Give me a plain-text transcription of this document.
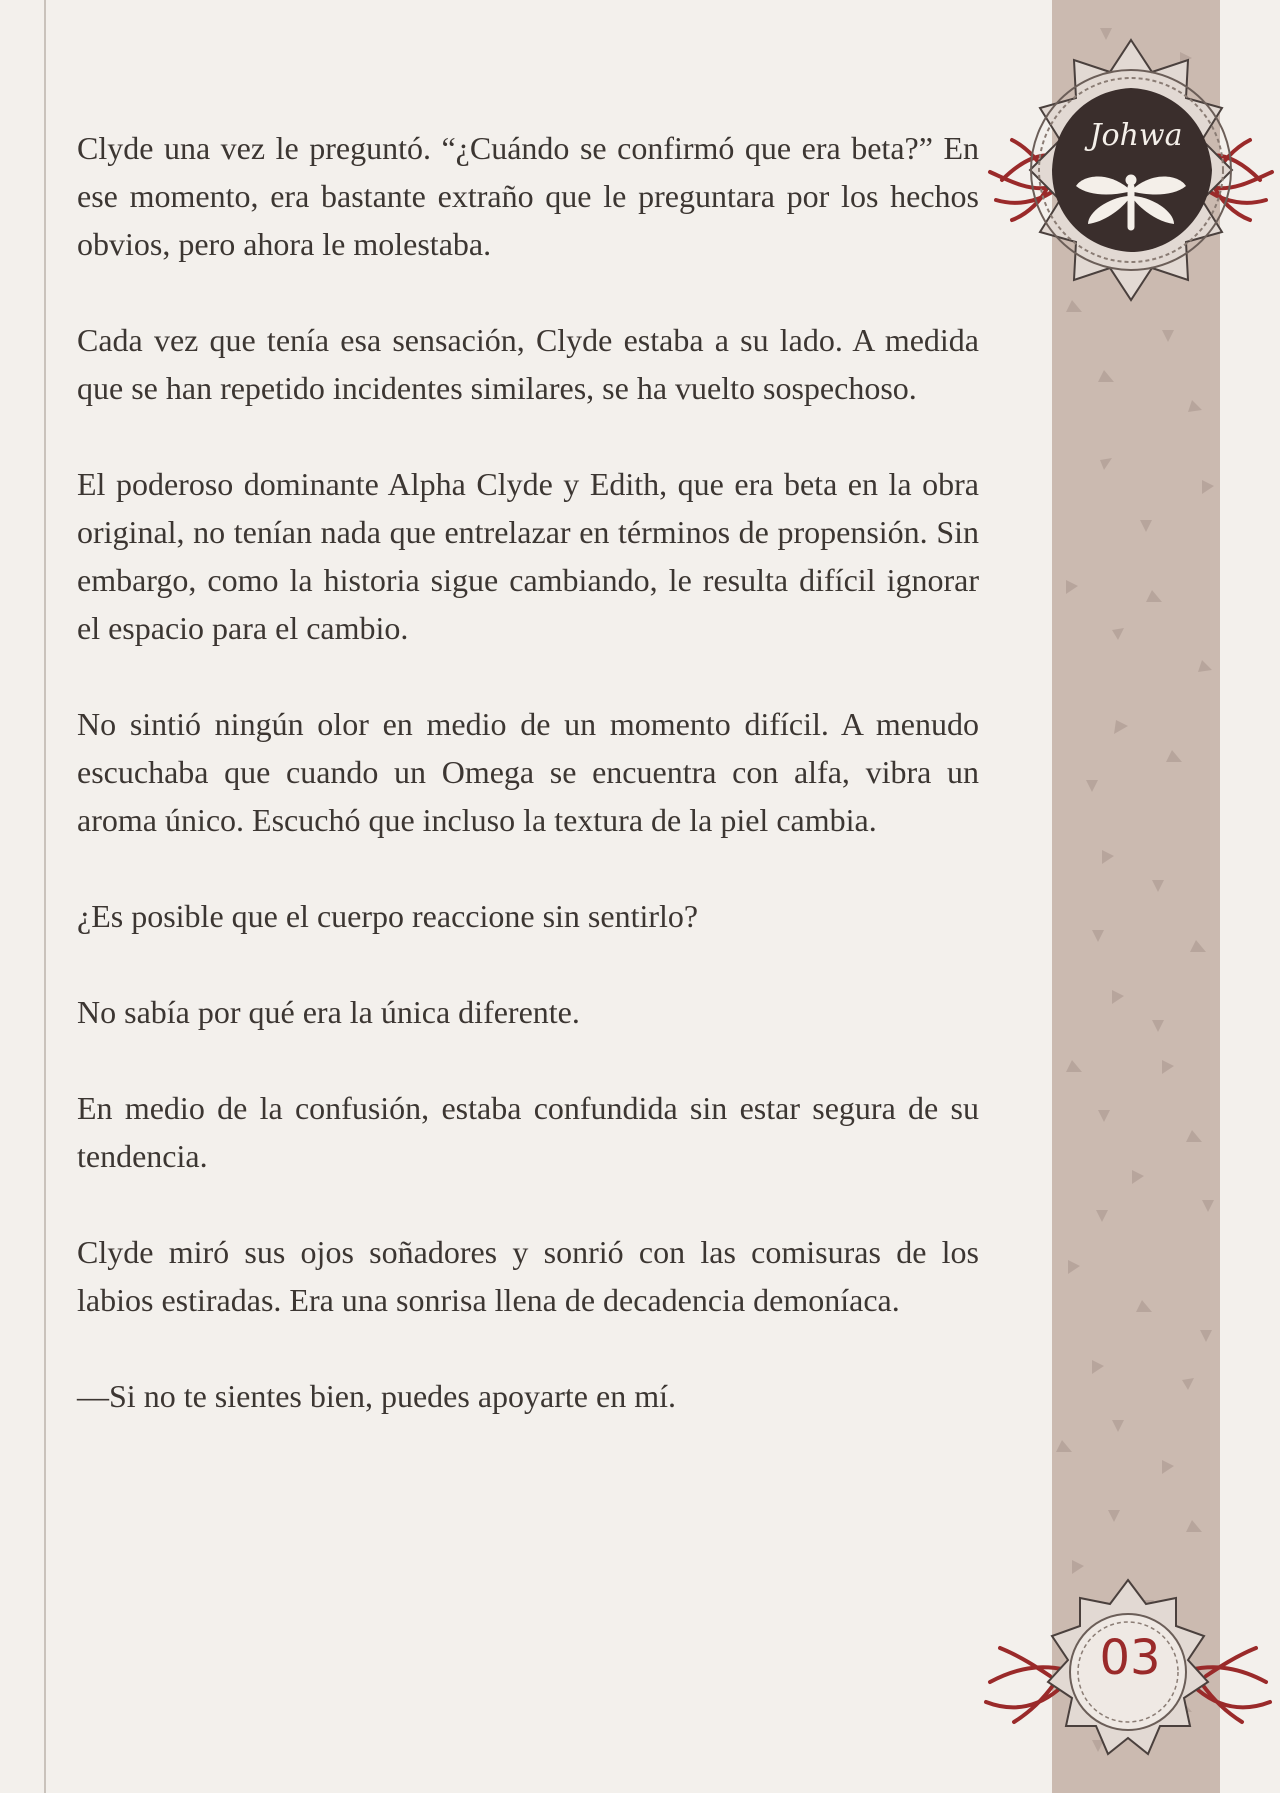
Johwa

Clyde una vez le preguntó. “¿Cuándo se confirmó que era beta?” En ese momento, era bastante extraño que le preguntara por los hechos obvios, pero ahora le molestaba.

Cada vez que tenía esa sensación, Clyde estaba a su lado. A medida que se han repetido incidentes similares, se ha vuelto sospechoso.

El poderoso dominante Alpha Clyde y Edith, que era beta en la obra original, no tenían nada que entrelazar en términos de propensión. Sin embargo, como la historia sigue cambiando, le resulta difícil ignorar el espacio para el cambio.

No sintió ningún olor en medio de un momento difícil. A menudo escuchaba que cuando un Omega se encuentra con alfa, vibra un aroma único. Escuchó que incluso la textura de la piel cambia.

¿Es posible que el cuerpo reaccione sin sentirlo?

No sabía por qué era la única diferente.

En medio de la confusión, estaba confundida sin estar segura de su tendencia.

Clyde miró sus ojos soñadores y sonrió con las comisuras de los labios estiradas. Era una sonrisa llena de decadencia demoníaca.

—Si no te sientes bien, puedes apoyarte en mí.

03
